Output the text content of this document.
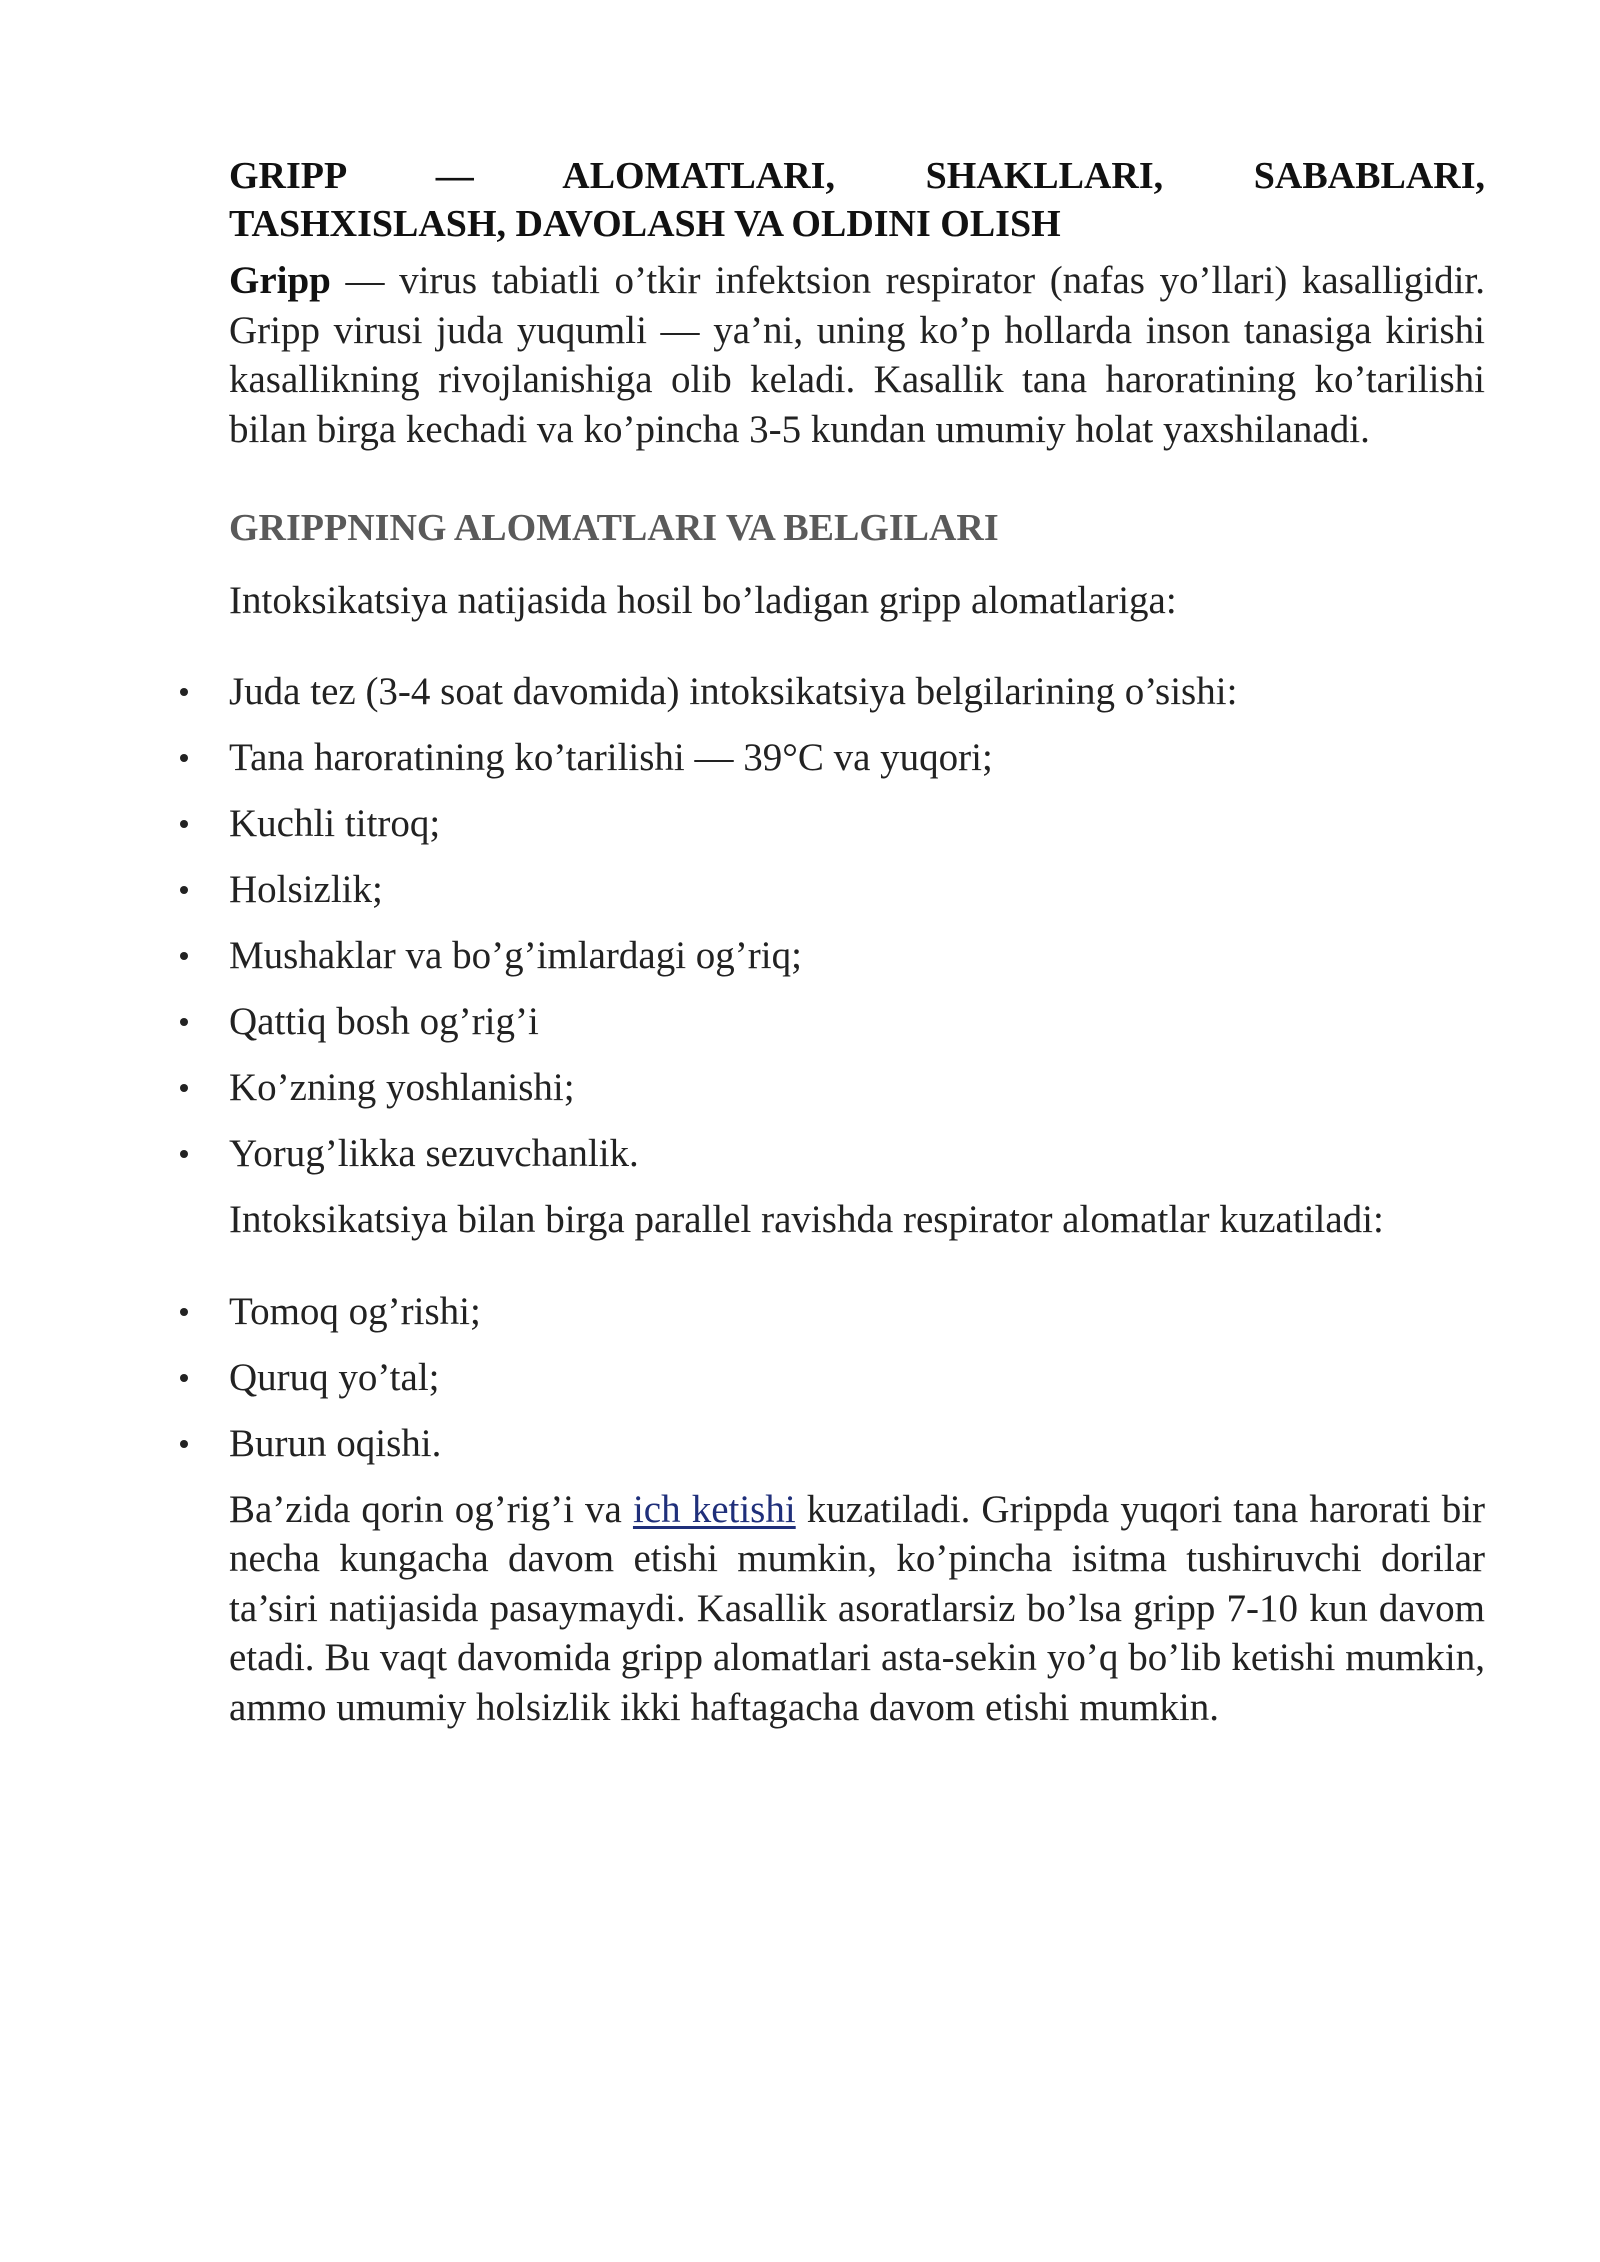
GRIPP — ALOMATLARI, SHAKLLARI, SABABLARI,
TASHXISLASH, DAVOLASH VA OLDINI OLISH

Gripp — virus tabiatli o’tkir infektsion respirator (nafas yo’llari) kasalligidir. Gripp virusi juda yuqumli — ya’ni, uning ko’p hollarda inson tanasiga kirishi kasallikning rivojlanishiga olib keladi. Kasallik tana haroratining ko’tarilishi bilan birga kechadi va ko’pincha 3-5 kundan umumiy holat yaxshilanadi.

GRIPPNING ALOMATLARI VA BELGILARI

Intoksikatsiya natijasida hosil bo’ladigan gripp alomatlariga:

Juda tez (3-4 soat davomida) intoksikatsiya belgilarining o’sishi:
Tana haroratining ko’tarilishi — 39°C va yuqori;
Kuchli titroq;
Holsizlik;
Mushaklar va bo’g’imlardagi og’riq;
Qattiq bosh og’rig’i
Ko’zning yoshlanishi;
Yorug’likka sezuvchanlik.

Intoksikatsiya bilan birga parallel ravishda respirator alomatlar kuzatiladi:

Tomoq og’rishi;
Quruq yo’tal;
Burun oqishi.

Ba’zida qorin og’rig’i va ich ketishi kuzatiladi. Grippda yuqori tana harorati bir necha kungacha davom etishi mumkin, ko’pincha isitma tushiruvchi dorilar ta’siri natijasida pasaymaydi. Kasallik asoratlarsiz bo’lsa gripp 7-10 kun davom etadi. Bu vaqt davomida gripp alomatlari asta-sekin yo’q bo’lib ketishi mumkin, ammo umumiy holsizlik ikki haftagacha davom etishi mumkin.
